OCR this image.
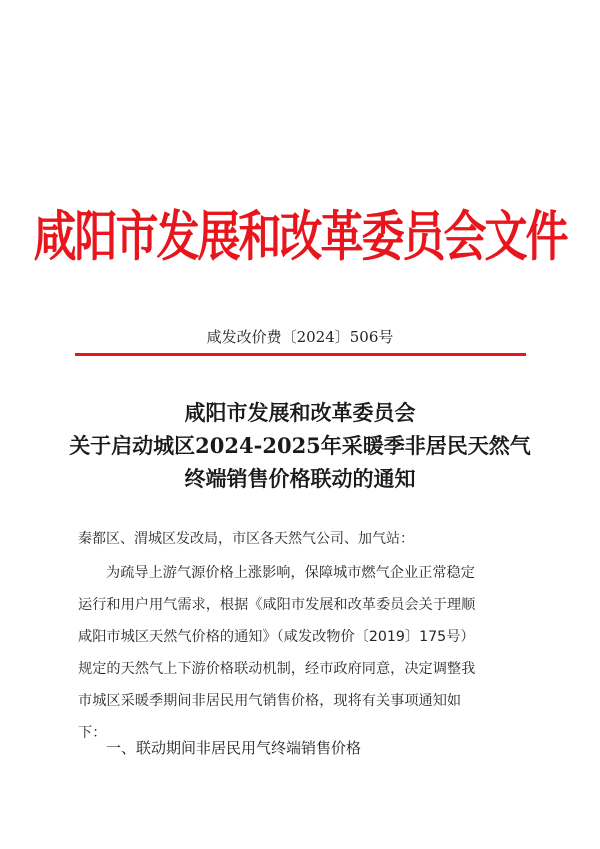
咸阳市发展和改革委员会文件
咸发改价费〔2024〕506号
咸阳市发展和改革委员会
关于启动城区2024-2025年采暖季非居民天然气
终端销售价格联动的通知
秦都区、渭城区发改局，市区各天然气公司、加气站：
为疏导上游气源价格上涨影响，保障城市燃气企业正常稳定
运行和用户用气需求，根据《咸阳市发展和改革委员会关于理顺
咸阳市城区天然气价格的通知》（咸发改物价〔2019〕175号）
规定的天然气上下游价格联动机制，经市政府同意，决定调整我
市城区采暖季期间非居民用气销售价格，现将有关事项通知如
下：
一、联动期间非居民用气终端销售价格
